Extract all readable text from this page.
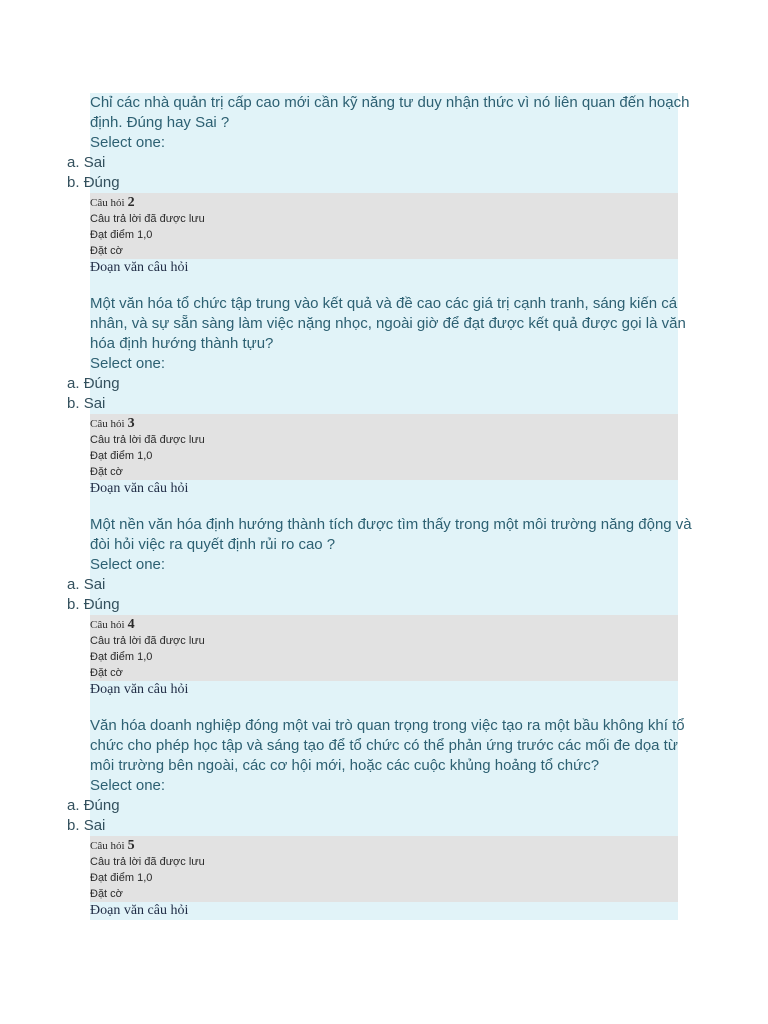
Chỉ các nhà quản trị cấp cao mới cần kỹ năng tư duy nhận thức vì nó liên quan đến hoạch
định. Đúng hay Sai ?
Select one:
a. Sai
b. Đúng
Câu hỏi 2
Câu trả lời đã được lưu
Đạt điểm 1,0
Đặt cờ
Đoạn văn câu hỏi
Một văn hóa tổ chức tập trung vào kết quả và đề cao các giá trị cạnh tranh, sáng kiến cá
nhân, và sự sẵn sàng làm việc nặng nhọc, ngoài giờ để đạt được kết quả được gọi là văn
hóa định hướng thành tựu?
Select one:
a. Đúng
b. Sai
Câu hỏi 3
Câu trả lời đã được lưu
Đạt điểm 1,0
Đặt cờ
Đoạn văn câu hỏi
Một nền văn hóa định hướng thành tích được tìm thấy trong một môi trường năng động và
đòi hỏi việc ra quyết định rủi ro cao ?
Select one:
a. Sai
b. Đúng
Câu hỏi 4
Câu trả lời đã được lưu
Đạt điểm 1,0
Đặt cờ
Đoạn văn câu hỏi
Văn hóa doanh nghiệp đóng một vai trò quan trọng trong việc tạo ra một bầu không khí tổ
chức cho phép học tập và sáng tạo để tổ chức có thể phản ứng trước các mối đe dọa từ
môi trường bên ngoài, các cơ hội mới, hoặc các cuộc khủng hoảng tổ chức?
Select one:
a. Đúng
b. Sai
Câu hỏi 5
Câu trả lời đã được lưu
Đạt điểm 1,0
Đặt cờ
Đoạn văn câu hỏi
